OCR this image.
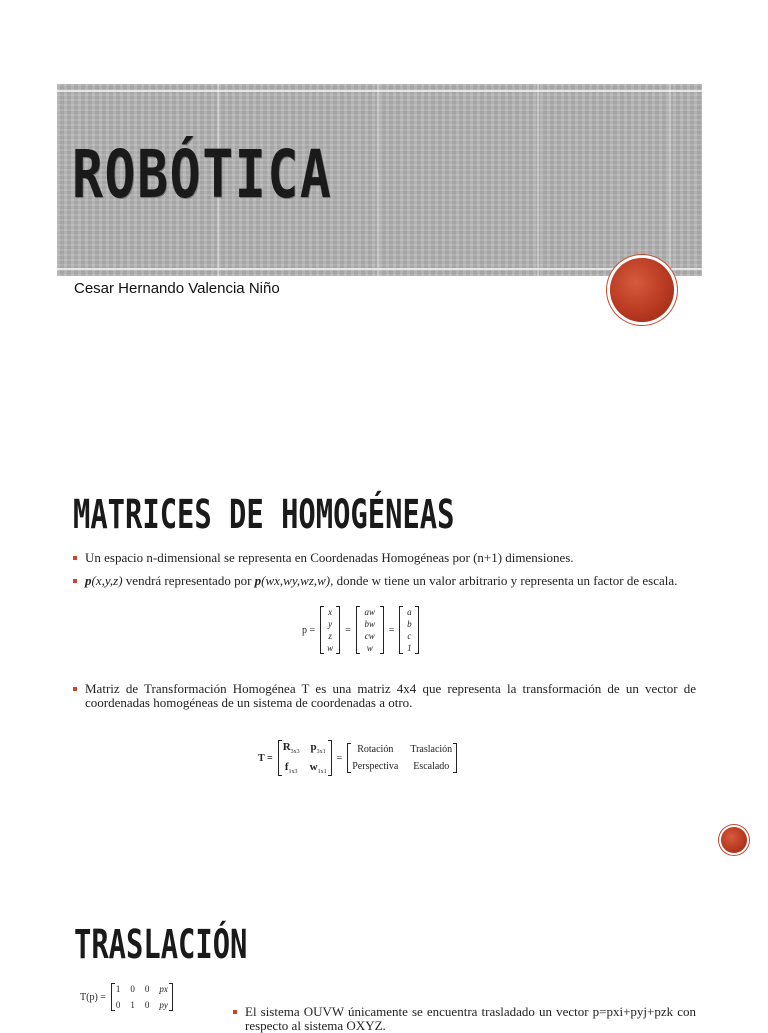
ROBÓTICA

Cesar Hernando Valencia Niño

MATRICES DE HOMOGÉNEAS
Un espacio n-dimensional se representa en Coordenadas Homogéneas por (n+1) dimensiones.
p(x,y,z) vendrá representado por p(wx,wy,wz,w), donde w tiene un valor arbitrario y representa un factor de escala.
Matriz de Transformación Homogénea T es una matriz 4x4 que representa la transformación de un vector de coordenadas homogéneas de un sistema de coordenadas a otro.
p =
x
y
z
w
=
aw
bw
cw
w
=
a
b
c
1
T =
$R_{3x3}$ $p_{3x1}$
$f_{1x3}$ $w_{1x1}$
=
Rotación	Traslación
Perspectiva Escalado
TRASLACIÓN
El sistema OUVW únicamente se encuentra trasladado un vector p=pxi+pyj+pzk con respecto al sistema OXYZ.
T(p) =
1 0 0 px
0 1 0 py
